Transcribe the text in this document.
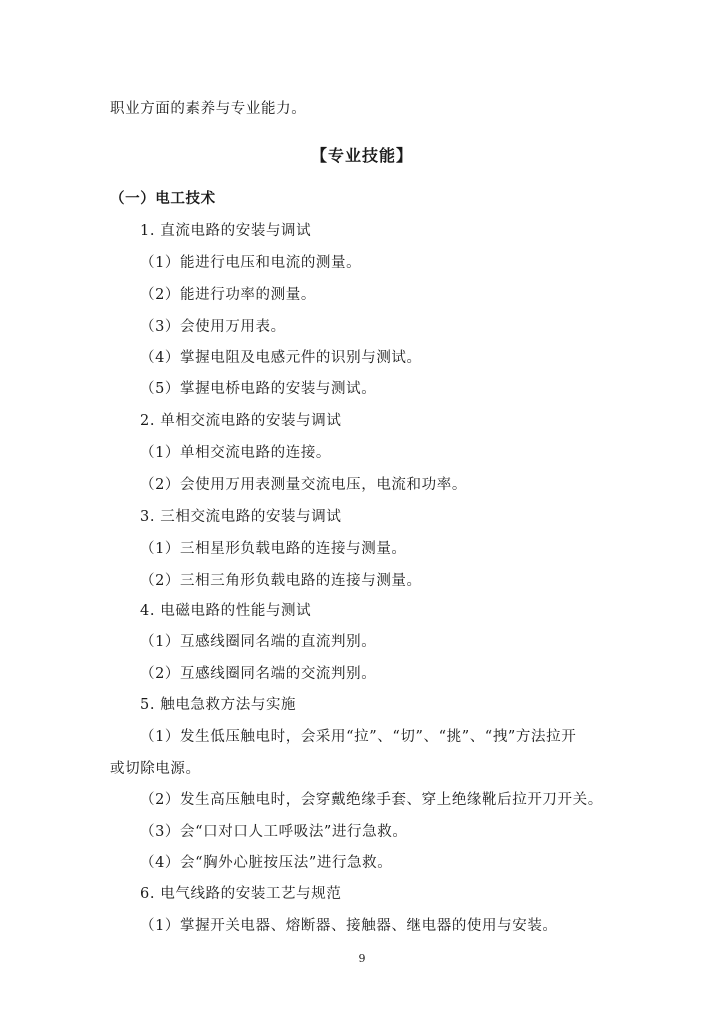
职业方面的素养与专业能力。
【专业技能】
（一）电工技术
1. 直流电路的安装与调试
（1）能进行电压和电流的测量。
（2）能进行功率的测量。
（3）会使用万用表。
（4）掌握电阻及电感元件的识别与测试。
（5）掌握电桥电路的安装与测试。
2. 单相交流电路的安装与调试
（1）单相交流电路的连接。
（2）会使用万用表测量交流电压，电流和功率。
3. 三相交流电路的安装与调试
（1）三相星形负载电路的连接与测量。
（2）三相三角形负载电路的连接与测量。
4. 电磁电路的性能与测试
（1）互感线圈同名端的直流判别。
（2）互感线圈同名端的交流判别。
5. 触电急救方法与实施
（1）发生低压触电时，会采用“拉”、“切”、“挑”、“拽”方法拉开
或切除电源。
（2）发生高压触电时，会穿戴绝缘手套、穿上绝缘靴后拉开刀开关。
（3）会“口对口人工呼吸法”进行急救。
（4）会“胸外心脏按压法”进行急救。
6. 电气线路的安装工艺与规范
（1）掌握开关电器、熔断器、接触器、继电器的使用与安装。
9
